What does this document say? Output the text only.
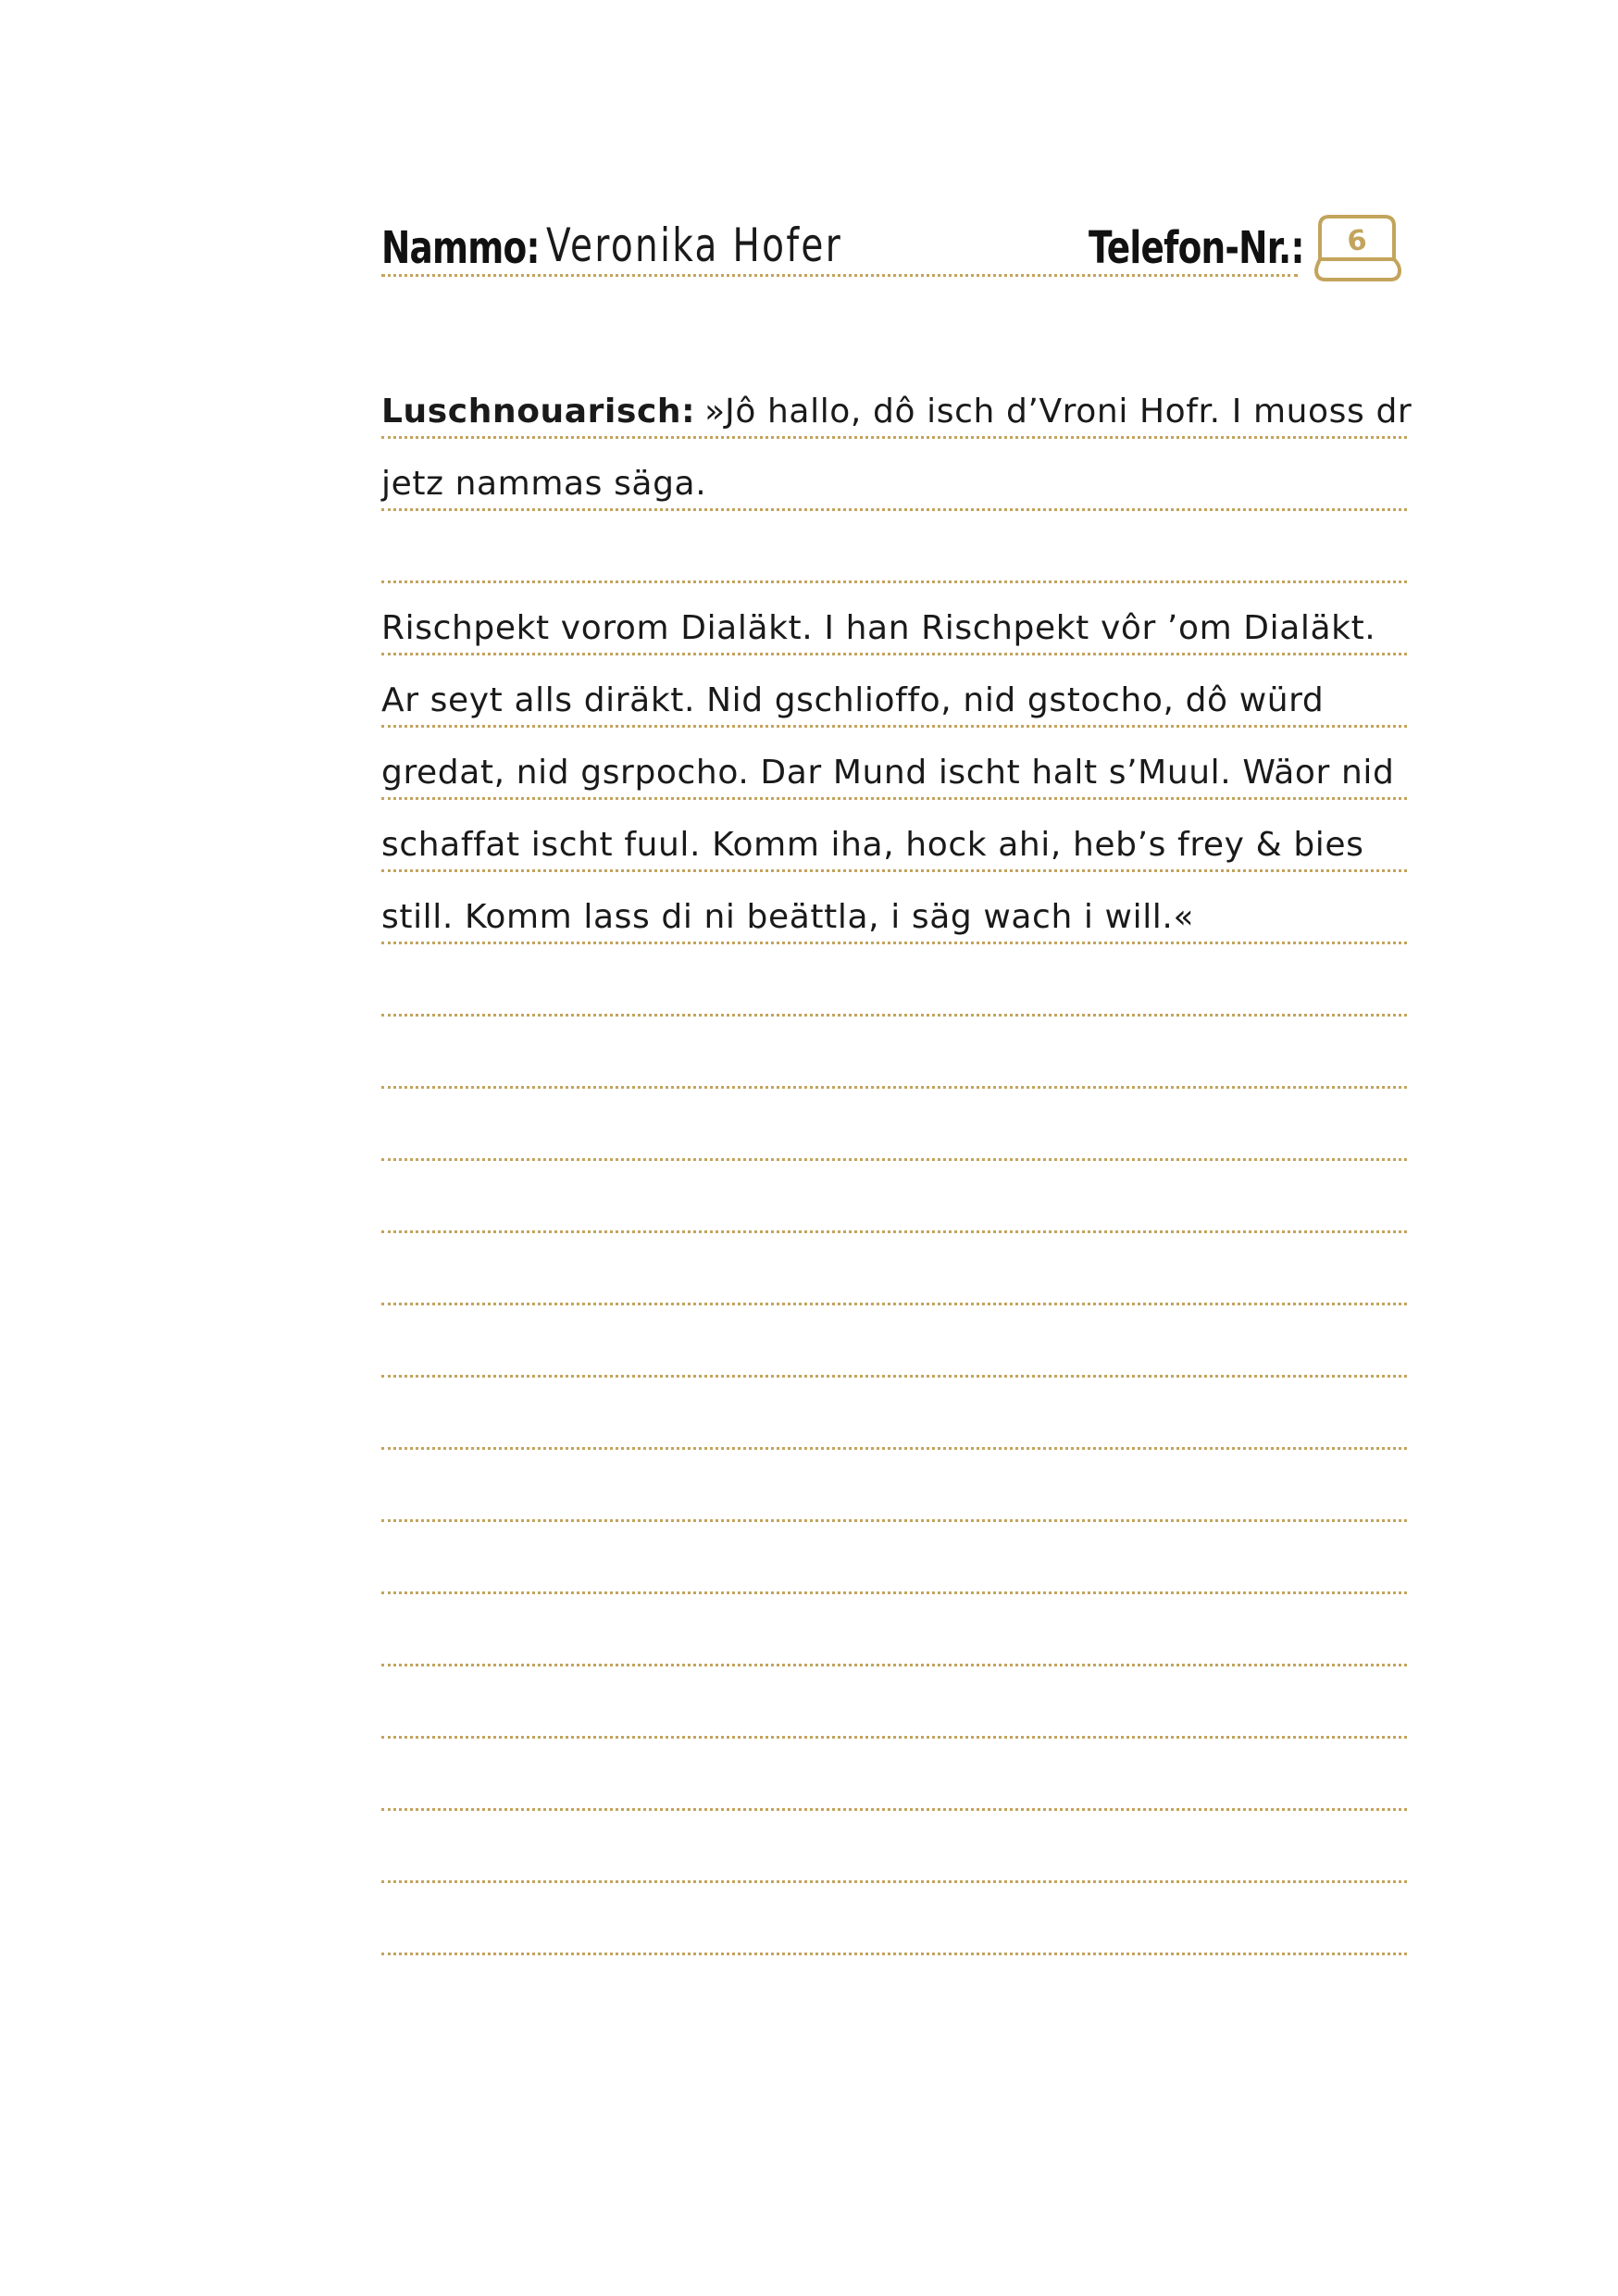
Nammo: Veronika Hofer	Telefon-Nr.: 6
Luschnouarisch: »Jô hallo, dô isch d’Vroni Hofr. I muoss dr
jetz nammas säga.
Rischpekt vorom Dialäkt. I han Rischpekt vôr ’om Dialäkt.
Ar seyt alls diräkt. Nid gschlioffo, nid gstocho, dô würd
gredat, nid gsrpocho. Dar Mund ischt halt s’Muul. Wäor nid
schaffat ischt fuul. Komm iha, hock ahi, heb’s frey & bies
still. Komm lass di ni beättla, i säg wach i will.«
